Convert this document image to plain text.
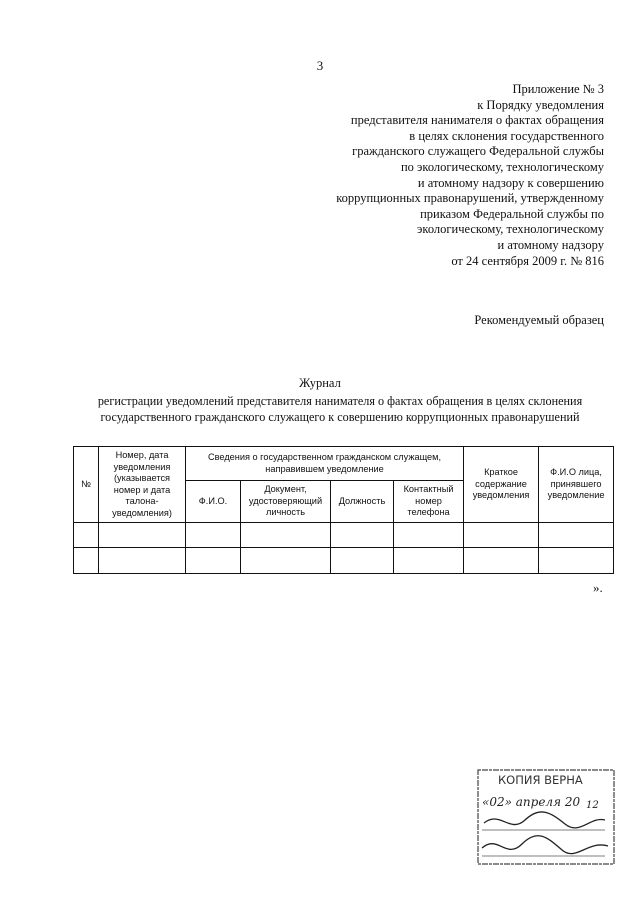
3
Приложение № 3
к Порядку уведомления
представителя нанимателя о фактах обращения
в целях склонения государственного
гражданского служащего Федеральной службы
по экологическому, технологическому
и атомному надзору к совершению
коррупционных правонарушений, утвержденному
приказом Федеральной службы по
экологическому, технологическому
и атомному надзору
от 24 сентября 2009 г. № 816
Рекомендуемый образец
Журнал
регистрации уведомлений представителя нанимателя о фактах обращения в целях склонения
государственного гражданского служащего к совершению коррупционных правонарушений
№	Номер, дата уведомления (указывается номер и дата талона-уведомления)	Сведения о государственном гражданском служащем, направившем уведомление				Краткое содержание уведомления	Ф.И.О лица, принявшего уведомление
		Ф.И.О.	Документ, удостоверяющий личность	Должность	Контактный номер телефона		

».
КОПИЯ ВЕРНА
«02» апреля 20 12
